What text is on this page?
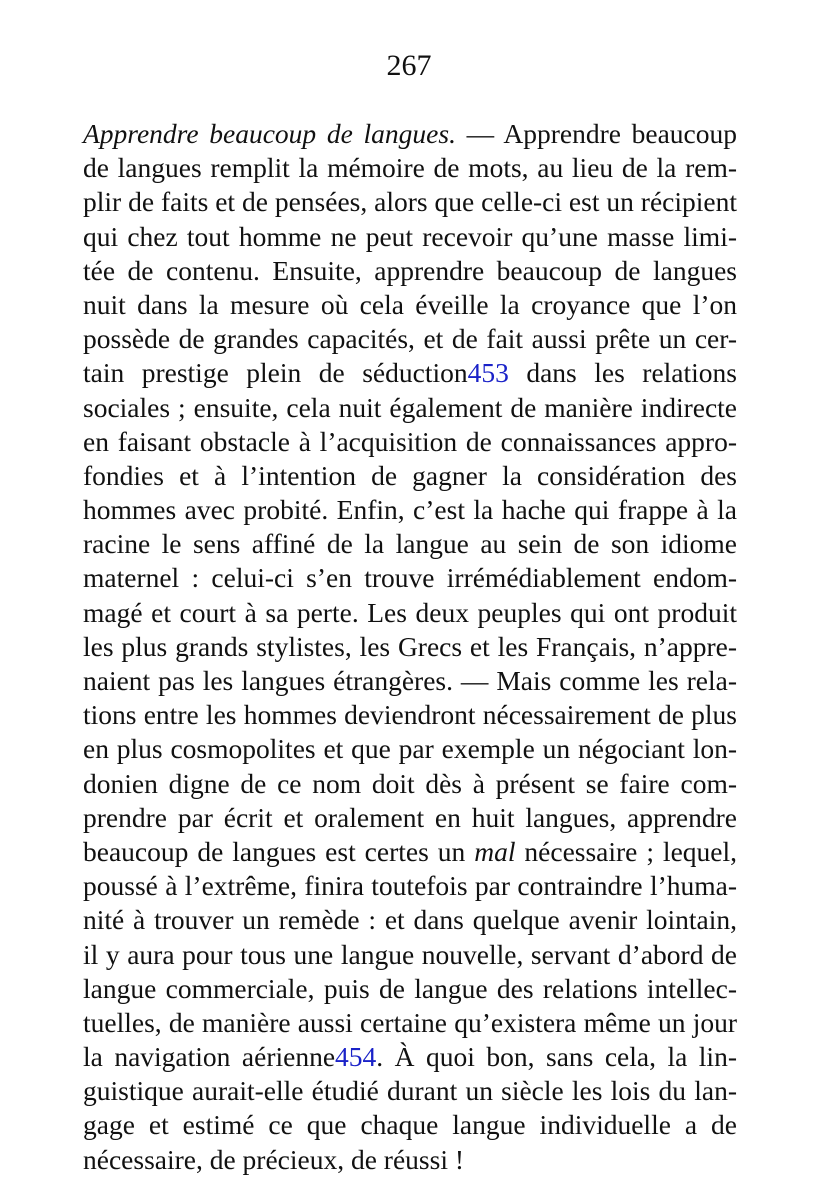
267
Apprendre beaucoup de langues. — Apprendre beaucoup
de langues remplit la mémoire de mots, au lieu de la rem-
plir de faits et de pensées, alors que celle-ci est un récipient
qui chez tout homme ne peut recevoir qu’une masse limi-
tée de contenu. Ensuite, apprendre beaucoup de langues
nuit dans la mesure où cela éveille la croyance que l’on
possède de grandes capacités, et de fait aussi prête un cer-
tain prestige plein de séduction453 dans les relations
sociales ; ensuite, cela nuit également de manière indirecte
en faisant obstacle à l’acquisition de connaissances appro-
fondies et à l’intention de gagner la considération des
hommes avec probité. Enfin, c’est la hache qui frappe à la
racine le sens affiné de la langue au sein de son idiome
maternel : celui-ci s’en trouve irrémédiablement endom-
magé et court à sa perte. Les deux peuples qui ont produit
les plus grands stylistes, les Grecs et les Français, n’appre-
naient pas les langues étrangères. — Mais comme les rela-
tions entre les hommes deviendront nécessairement de plus
en plus cosmopolites et que par exemple un négociant lon-
donien digne de ce nom doit dès à présent se faire com-
prendre par écrit et oralement en huit langues, apprendre
beaucoup de langues est certes un mal nécessaire ; lequel,
poussé à l’extrême, finira toutefois par contraindre l’huma-
nité à trouver un remède : et dans quelque avenir lointain,
il y aura pour tous une langue nouvelle, servant d’abord de
langue commerciale, puis de langue des relations intellec-
tuelles, de manière aussi certaine qu’existera même un jour
la navigation aérienne454. À quoi bon, sans cela, la lin-
guistique aurait-elle étudié durant un siècle les lois du lan-
gage et estimé ce que chaque langue individuelle a de
nécessaire, de précieux, de réussi !
